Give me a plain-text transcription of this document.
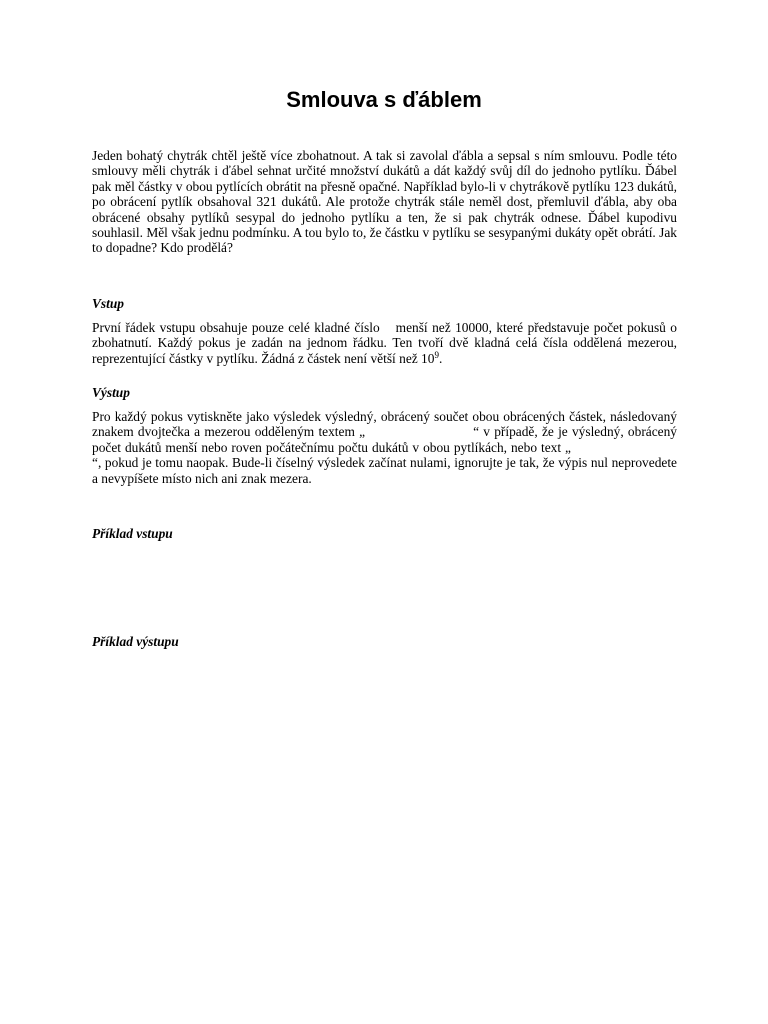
Smlouva s ďáblem

Jeden bohatý chytrák chtěl ještě více zbohatnout. A tak si zavolal ďábla a sepsal s ním smlouvu. Podle této smlouvy měli chytrák i ďábel sehnat určité množství dukátů a dát každý svůj díl do jednoho pytlíku. Ďábel pak měl částky v obou pytlících obrátit na přesně opačné. Například bylo-li v chytrákově pytlíku 123 dukátů, po obrácení pytlík obsahoval 321 dukátů. Ale protože chytrák stále neměl dost, přemluvil ďábla, aby oba obrácené obsahy pytlíků sesypal do jednoho pytlíku a ten, že si pak chytrák odnese. Ďábel kupodivu souhlasil. Měl však jednu podmínku. A tou bylo to, že částku v pytlíku se sesypanými dukáty opět obrátí. Jak to dopadne? Kdo prodělá?

Vstup

První řádek vstupu obsahuje pouze celé kladné číslo menší než 10000, které představuje počet pokusů o zbohatnutí. Každý pokus je zadán na jednom řádku. Ten tvoří dvě kladná celá čísla oddělená mezerou, reprezentující částky v pytlíku. Žádná z částek není větší než $10^9$.

Výstup

Pro každý pokus vytiskněte jako výsledek výsledný, obrácený součet obou obrácených částek, následovaný znakem dvojtečka a mezerou odděleným textem „	“ v případě, že je výsledný, obrácený počet dukátů menší nebo roven počátečnímu počtu dukátů v obou pytlíkách, nebo text „“, pokud je tomu naopak. Bude-li číselný výsledek začínat nulami, ignorujte je tak, že výpis nul neprovedete a nevypíšete místo nich ani znak mezera.

Příklad vstupu

Příklad výstupu
